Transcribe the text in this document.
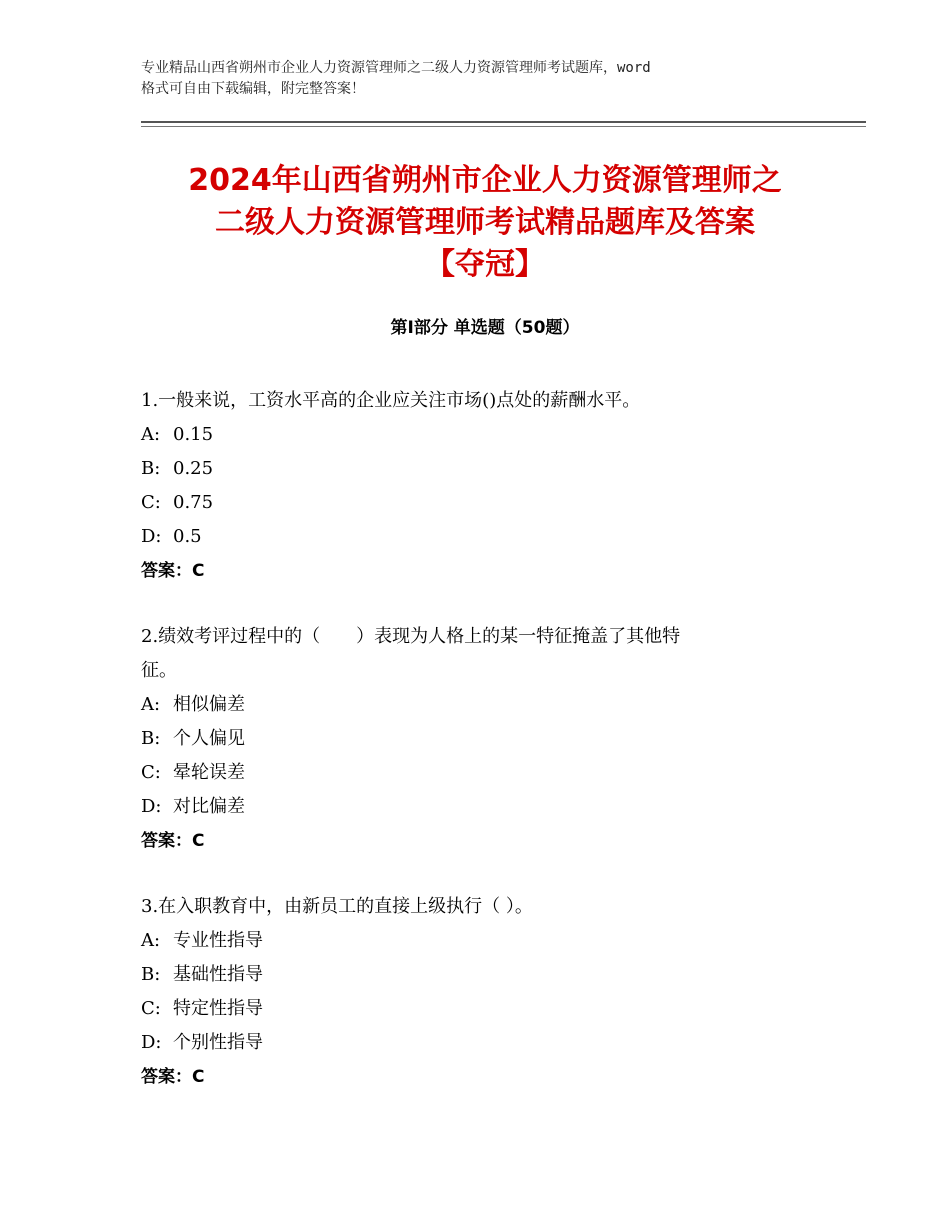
专业精品山西省朔州市企业人力资源管理师之二级人力资源管理师考试题库，word
格式可自由下载编辑，附完整答案！
2024年山西省朔州市企业人力资源管理师之
二级人力资源管理师考试精品题库及答案
【夺冠】
第Ⅰ部分 单选题（50题）
1.一般来说，工资水平高的企业应关注市场()点处的薪酬水平。
A: 0.15
B: 0.25
C: 0.75
D: 0.5
答案：C
2.绩效考评过程中的（　　）表现为人格上的某一特征掩盖了其他特
征。
A: 相似偏差
B: 个人偏见
C: 晕轮误差
D: 对比偏差
答案：C
3.在入职教育中，由新员工的直接上级执行（ ）。
A: 专业性指导
B: 基础性指导
C: 特定性指导
D: 个别性指导
答案：C
